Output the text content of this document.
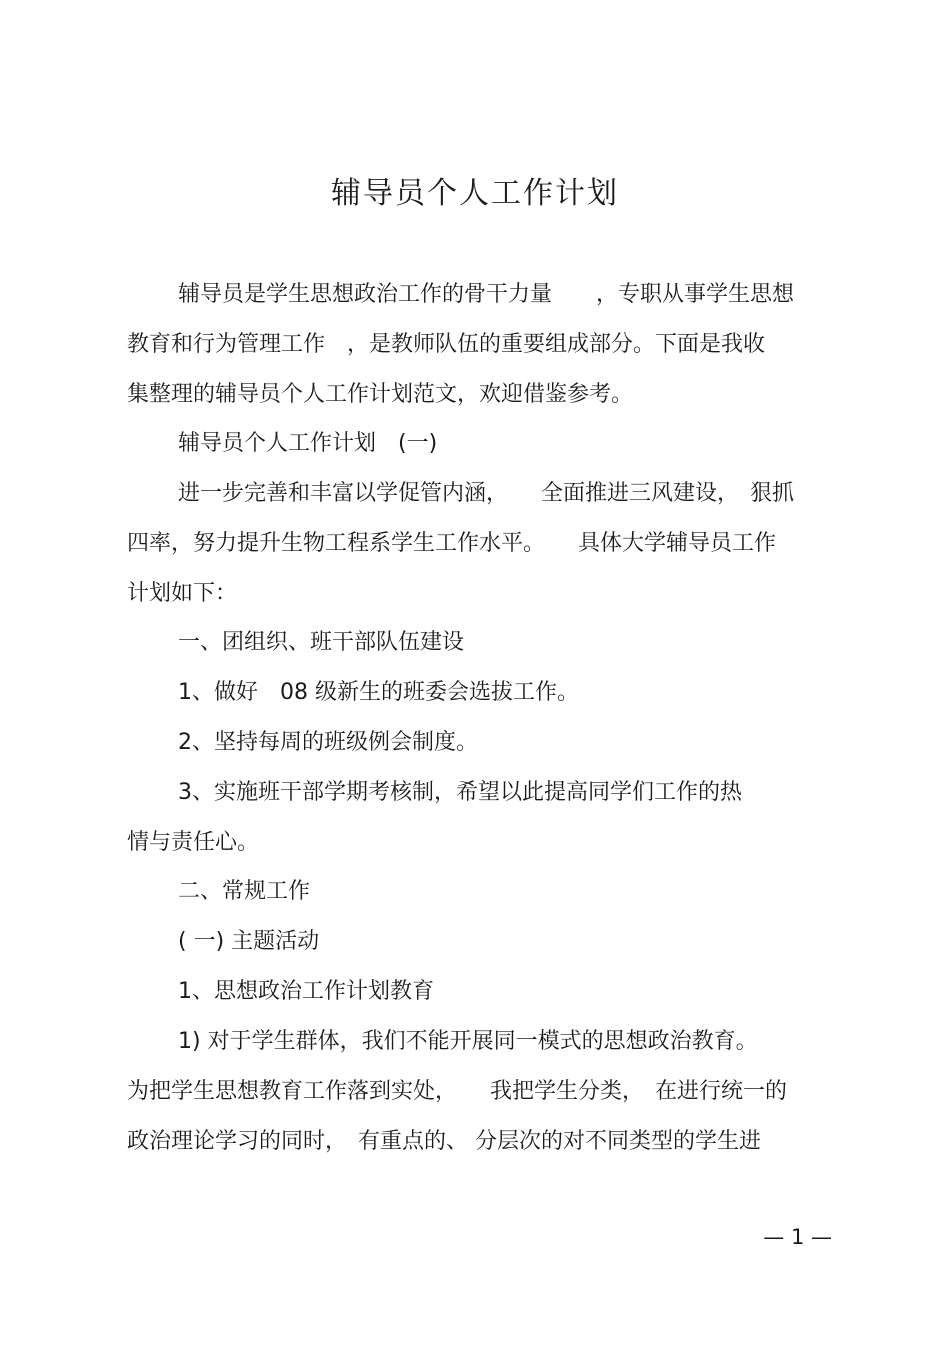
辅导员个人工作计划
辅导员是学生思想政治工作的骨干力量　　，专职从事学生思想
教育和行为管理工作　，是教师队伍的重要组成部分。下面是我收
集整理的辅导员个人工作计划范文，欢迎借鉴参考。
辅导员个人工作计划　(一)
进一步完善和丰富以学促管内涵，　　全面推进三风建设，　狠抓
四率，努力提升生物工程系学生工作水平。　　具体大学辅导员工作
计划如下：
一、团组织、班干部队伍建设
1、做好　08 级新生的班委会选拔工作。
2、坚持每周的班级例会制度。
3、实施班干部学期考核制，希望以此提高同学们工作的热
情与责任心。
二、常规工作
( 一) 主题活动
1、思想政治工作计划教育
1) 对于学生群体，我们不能开展同一模式的思想政治教育。
为把学生思想教育工作落到实处，　　我把学生分类，　在进行统一的
政治理论学习的同时，　有重点的、 分层次的对不同类型的学生进
— 1 —
